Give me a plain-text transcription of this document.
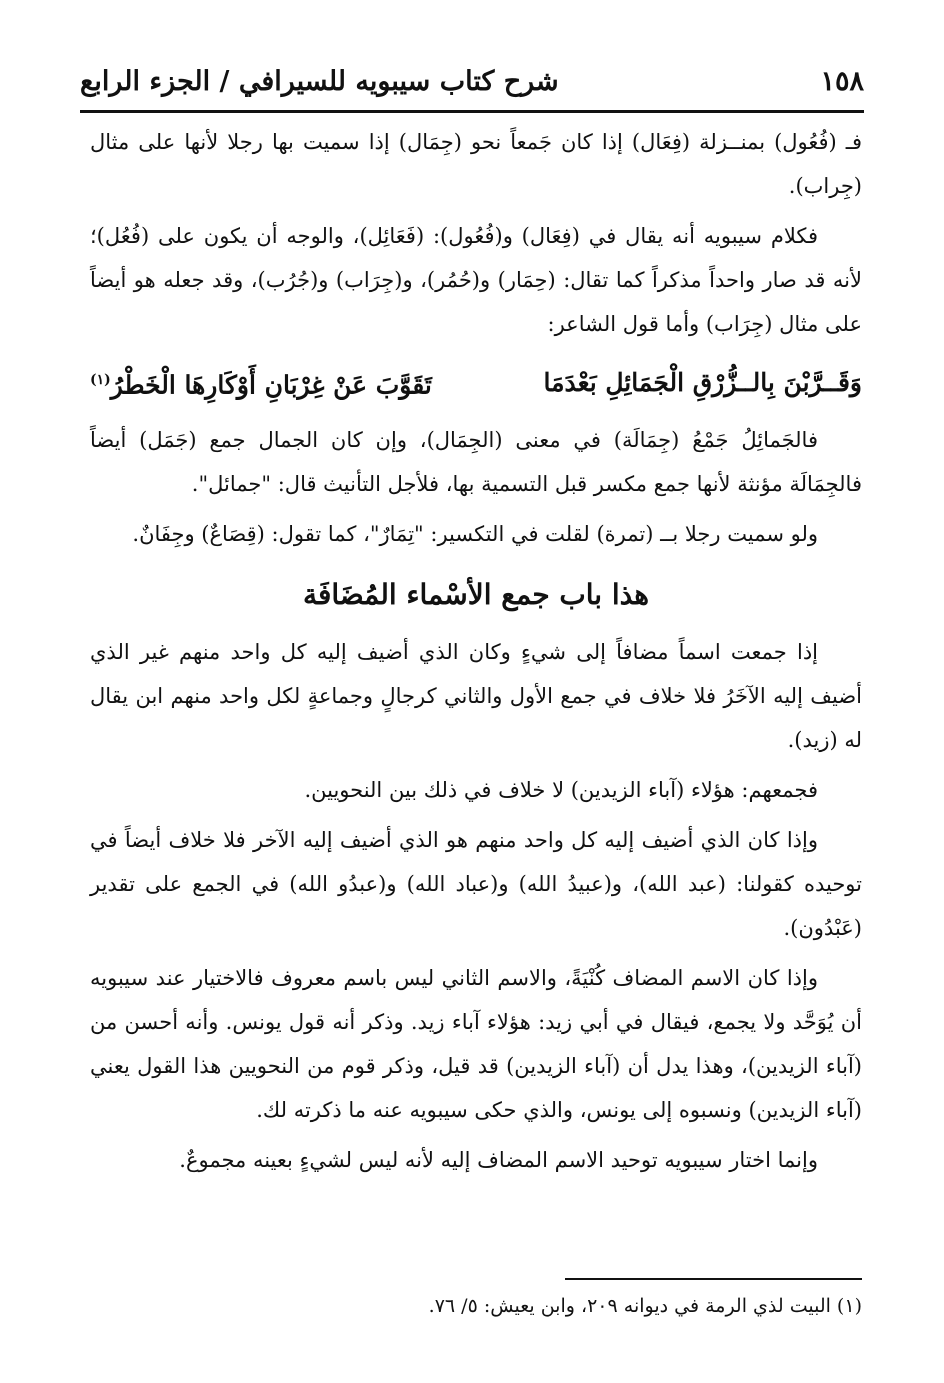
١٥٨
شرح كتاب سيبويه للسيرافي / الجزء الرابع

فـ (فُعُول) بمنــزلة (فِعَال) إذا كان جَمعاً نحو (جِمَال) إذا سميت بها رجلا لأنها على مثال (جِراب).

فكلام سيبويه أنه يقال في (فِعَال) و(فُعُول): (فَعَائِل)، والوجه أن يكون على (فُعُل)؛ لأنه قد صار واحداً مذكراً كما تقال: (حِمَار) و(حُمُر)، و(جِرَاب) و(جُرُب)، وقد جعله هو أيضاً على مثال (جِرَاب) وأما قول الشاعر:

وَقَــرَّبْنَ بِالــزُّرْقِ الْجَمَائِلِ بَعْدَمَا
تَقَوَّبَ عَنْ غِرْبَانِ أَوْكَارِهَا الْخَطْرُ$^{(١)}$

فالجَمائِلُ جَمْعُ (جِمَالَة) في معنى (الجِمَال)، وإن كان الجمال جمع (جَمَل) أيضاً فالجِمَالَة مؤنثة لأنها جمع مكسر قبل التسمية بها، فلأجل التأنيث قال: "جمائل".

ولو سميت رجلا بــ (تمرة) لقلت في التكسير: "تِمَارٌ"، كما تقول: (قِصَاعٌ) وجِفَانٌ.

هذا باب جمع الأسْماء المُضَافَة

إذا جمعت اسماً مضافاً إلى شيءٍ وكان الذي أضيف إليه كل واحد منهم غير الذي أضيف إليه الآخَرُ فلا خلاف في جمع الأول والثاني كرجالٍ وجماعةٍ لكل واحد منهم ابن يقال له (زيد).

فجمعهم: هؤلاء (آباء الزيدين) لا خلاف في ذلك بين النحويين.

وإذا كان الذي أضيف إليه كل واحد منهم هو الذي أضيف إليه الآخر فلا خلاف أيضاً في توحيده كقولنا: (عبد الله)، و(عبيدُ الله) و(عباد الله) و(عبدُو الله) في الجمع على تقدير (عَبْدُون).

وإذا كان الاسم المضاف كُنْيَةً، والاسم الثاني ليس باسم معروف فالاختيار عند سيبويه أن يُوَحَّد ولا يجمع، فيقال في أبي زيد: هؤلاء آباء زيد. وذكر أنه قول يونس. وأنه أحسن من (آباء الزيدين)، وهذا يدل أن (آباء الزيدين) قد قيل، وذكر قوم من النحويين هذا القول يعني (آباء الزيدين) ونسبوه إلى يونس، والذي حكى سيبويه عنه ما ذكرته لك.

وإنما اختار سيبويه توحيد الاسم المضاف إليه لأنه ليس لشيءٍ بعينه مجموعٌ.

(١) البيت لذي الرمة في ديوانه ٢٠٩، وابن يعيش: ٥/ ٧٦.
